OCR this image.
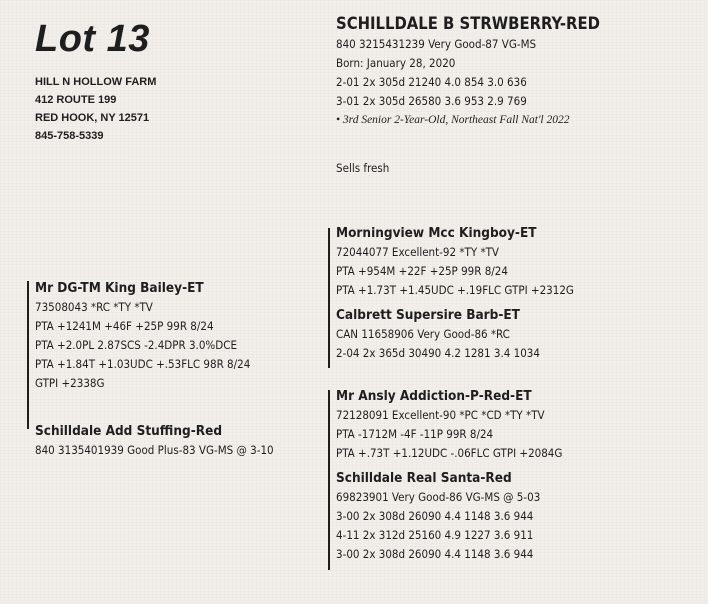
Lot 13
HILL N HOLLOW FARM
412 ROUTE 199
RED HOOK, NY 12571
845-758-5339
SCHILLDALE B STRWBERRY-RED
840 3215431239 Very Good-87 VG-MS
Born: January 28, 2020
2-01 2x 305d 21240 4.0 854 3.0 636
3-01 2x 305d 26580 3.6 953 2.9 769
• 3rd Senior 2-Year-Old, Northeast Fall Nat'l 2022
Sells fresh
Mr DG-TM King Bailey-ET
73508043 *RC *TY *TV
PTA +1241M +46F +25P 99R 8/24
PTA +2.0PL 2.87SCS -2.4DPR 3.0%DCE
PTA +1.84T +1.03UDC +.53FLC 98R 8/24
GTPI +2338G
Schilldale Add Stuffing-Red
840 3135401939 Good Plus-83 VG-MS @ 3-10
Morningview Mcc Kingboy-ET
72044077 Excellent-92 *TY *TV
PTA +954M +22F +25P 99R 8/24
PTA +1.73T +1.45UDC +.19FLC GTPI +2312G
Calbrett Supersire Barb-ET
CAN 11658906 Very Good-86 *RC
2-04 2x 365d 30490 4.2 1281 3.4 1034
Mr Ansly Addiction-P-Red-ET
72128091 Excellent-90 *PC *CD *TY *TV
PTA -1712M -4F -11P 99R 8/24
PTA +.73T +1.12UDC -.06FLC GTPI +2084G
Schilldale Real Santa-Red
69823901 Very Good-86 VG-MS @ 5-03
3-00 2x 308d 26090 4.4 1148 3.6 944
4-11 2x 312d 25160 4.9 1227 3.6 911
3-00 2x 308d 26090 4.4 1148 3.6 944
